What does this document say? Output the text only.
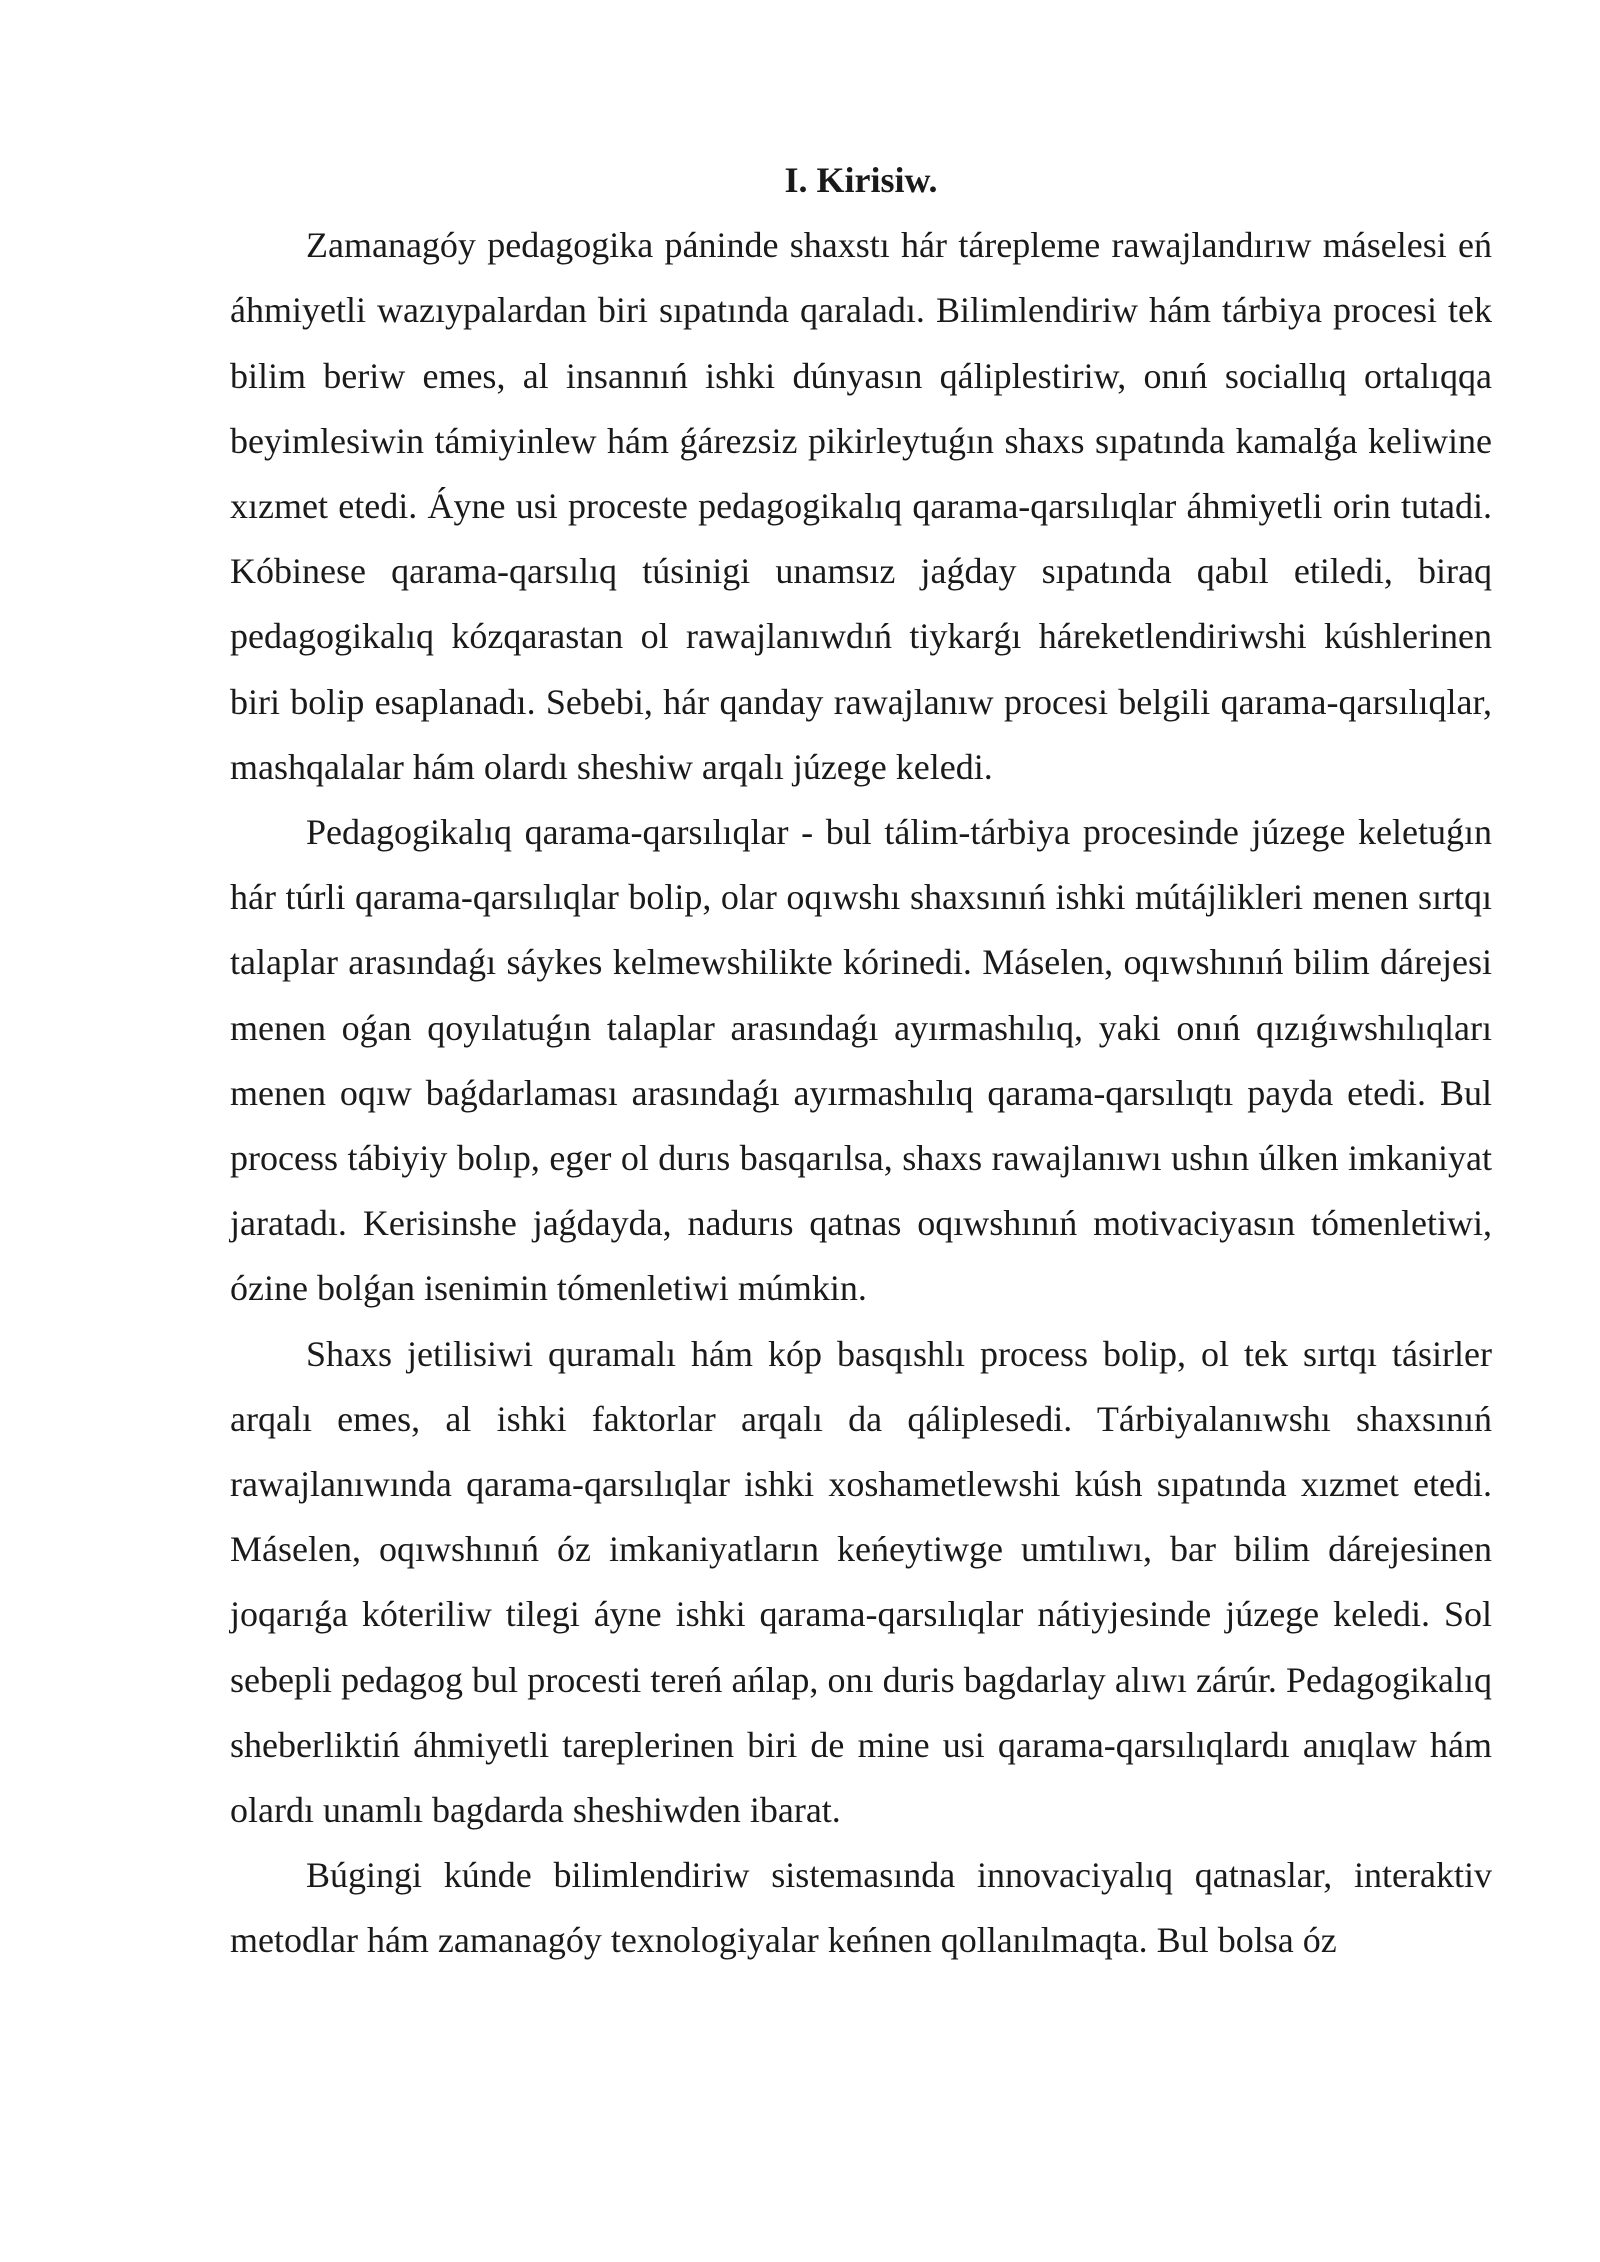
I. Kirisiw.

Zamanagóy pedagogika páninde shaxstı hár tárepleme rawajlandırıw máselesi eń áhmiyetli wazıypalardan biri sıpatında qaraladı. Bilimlendiriw hám tárbiya procesi tek bilim beriw emes, al insannıń ishki dúnyasın qáliplestiriw, onıń sociallıq ortalıqqa beyimlesiwin támiyinlew hám ǵárezsiz pikirleytuǵın shaxs sıpatında kamalǵa keliwine xızmet etedi. Áyne usi proceste pedagogikalıq qarama-qarsılıqlar áhmiyetli orin tutadi. Kóbinese qarama-qarsılıq túsinigi unamsız jaǵday sıpatında qabıl etiledi, biraq pedagogikalıq kózqarastan ol rawajlanıwdıń tiykarǵı háreketlendiriwshi kúshlerinen biri bolip esaplanadı. Sebebi, hár qanday rawajlanıw procesi belgili qarama-qarsılıqlar, mashqalalar hám olardı sheshiw arqalı júzege keledi.

Pedagogikalıq qarama-qarsılıqlar - bul tálim-tárbiya procesinde júzege keletuǵın hár túrli qarama-qarsılıqlar bolip, olar oqıwshı shaxsınıń ishki mútájlikleri menen sırtqı talaplar arasındaǵı sáykes kelmewshilikte kórinedi. Máselen, oqıwshınıń bilim dárejesi menen oǵan qoyılatuǵın talaplar arasındaǵı ayırmashılıq, yaki onıń qızıǵıwshılıqları menen oqıw baǵdarlaması arasındaǵı ayırmashılıq qarama-qarsılıqtı payda etedi. Bul process tábiyiy bolıp, eger ol durıs basqarılsa, shaxs rawajlanıwı ushın úlken imkaniyat jaratadı. Kerisinshe jaǵdayda, nadurıs qatnas oqıwshınıń motivaciyasın tómenletiwi, ózine bolǵan isenimin tómenletiwi múmkin.

Shaxs jetilisiwi quramalı hám kóp basqıshlı process bolip, ol tek sırtqı tásirler arqalı emes, al ishki faktorlar arqalı da qáliplesedi. Tárbiyalanıwshı shaxsınıń rawajlanıwında qarama-qarsılıqlar ishki xoshametlewshi kúsh sıpatında xızmet etedi. Máselen, oqıwshınıń óz imkaniyatların keńeytiwge umtılıwı, bar bilim dárejesinen joqarıǵa kóteriliw tilegi áyne ishki qarama-qarsılıqlar nátiyjesinde júzege keledi. Sol sebepli pedagog bul procesti tereń ańlap, onı duris bagdarlay alıwı zárúr. Pedagogikalıq sheberliktiń áhmiyetli tareplerinen biri de mine usi qarama-qarsılıqlardı anıqlaw hám olardı unamlı bagdarda sheshiwden ibarat.

Búgingi kúnde bilimlendiriw sistemasında innovaciyalıq qatnaslar, interaktiv metodlar hám zamanagóy texnologiyalar keńnen qollanılmaqta. Bul bolsa óz
